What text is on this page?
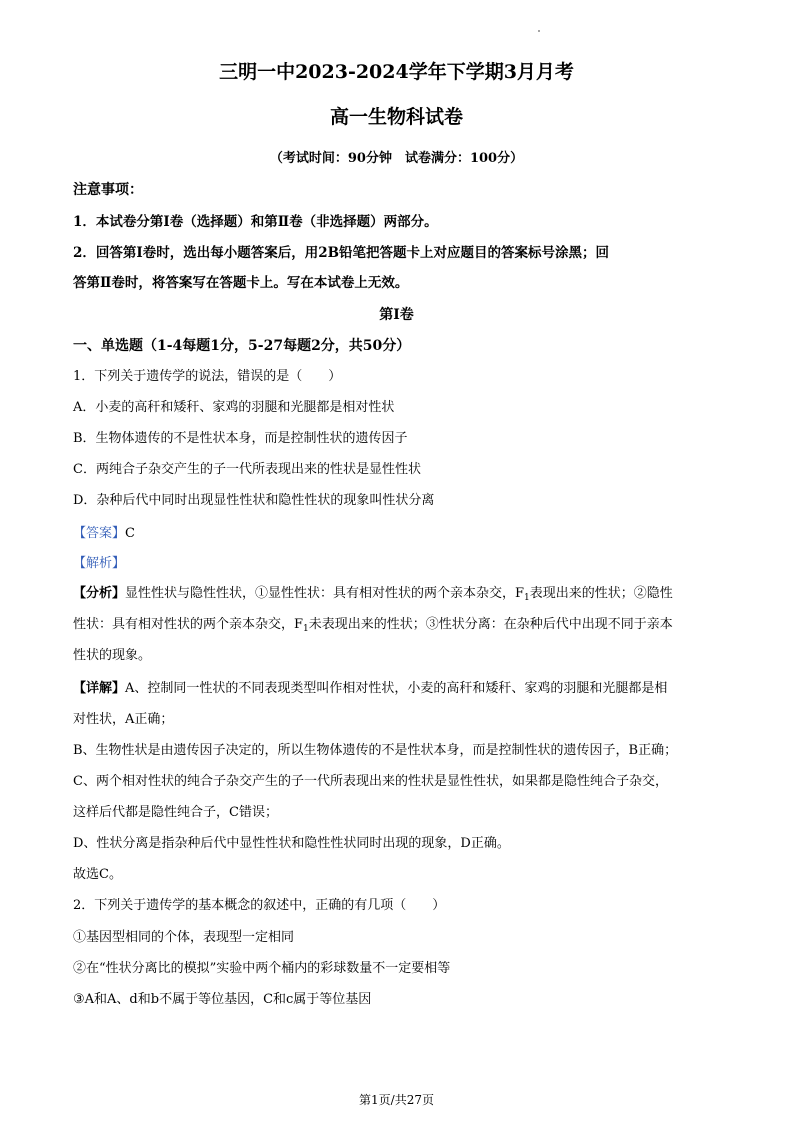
三明一中2023-2024学年下学期3月月考
高一生物科试卷
（考试时间：90分钟　试卷满分：100分）
注意事项：
1．本试卷分第Ⅰ卷（选择题）和第Ⅱ卷（非选择题）两部分。
2．回答第Ⅰ卷时，选出每小题答案后，用2B铅笔把答题卡上对应题目的答案标号涂黑；回
答第Ⅱ卷时，将答案写在答题卡上。写在本试卷上无效。
第Ⅰ卷
一、单选题（1-4每题1分，5-27每题2分，共50分）
1．下列关于遗传学的说法，错误的是（　　）
A．小麦的高秆和矮秆、家鸡的羽腿和光腿都是相对性状
B．生物体遗传的不是性状本身，而是控制性状的遗传因子
C．两纯合子杂交产生的子一代所表现出来的性状是显性性状
D．杂种后代中同时出现显性性状和隐性性状的现象叫性状分离
【答案】C
【解析】
【分析】显性性状与隐性性状，①显性性状：具有相对性状的两个亲本杂交，$F_1$表现出来的性状；②隐性
性状：具有相对性状的两个亲本杂交，$F_1$未表现出来的性状；③性状分离：在杂种后代中出现不同于亲本
性状的现象。
【详解】A、控制同一性状的不同表现类型叫作相对性状，小麦的高秆和矮秆、家鸡的羽腿和光腿都是相
对性状，A正确；
B、生物性状是由遗传因子决定的，所以生物体遗传的不是性状本身，而是控制性状的遗传因子，B正确；
C、两个相对性状的纯合子杂交产生的子一代所表现出来的性状是显性性状，如果都是隐性纯合子杂交，
这样后代都是隐性纯合子，C错误；
D、性状分离是指杂种后代中显性性状和隐性性状同时出现的现象，D正确。
故选C。
2．下列关于遗传学的基本概念的叙述中，正确的有几项（　　）
①基因型相同的个体，表现型一定相同
②在“性状分离比的模拟”实验中两个桶内的彩球数量不一定要相等
③A和A、d和b不属于等位基因，C和c属于等位基因
第1页/共27页
